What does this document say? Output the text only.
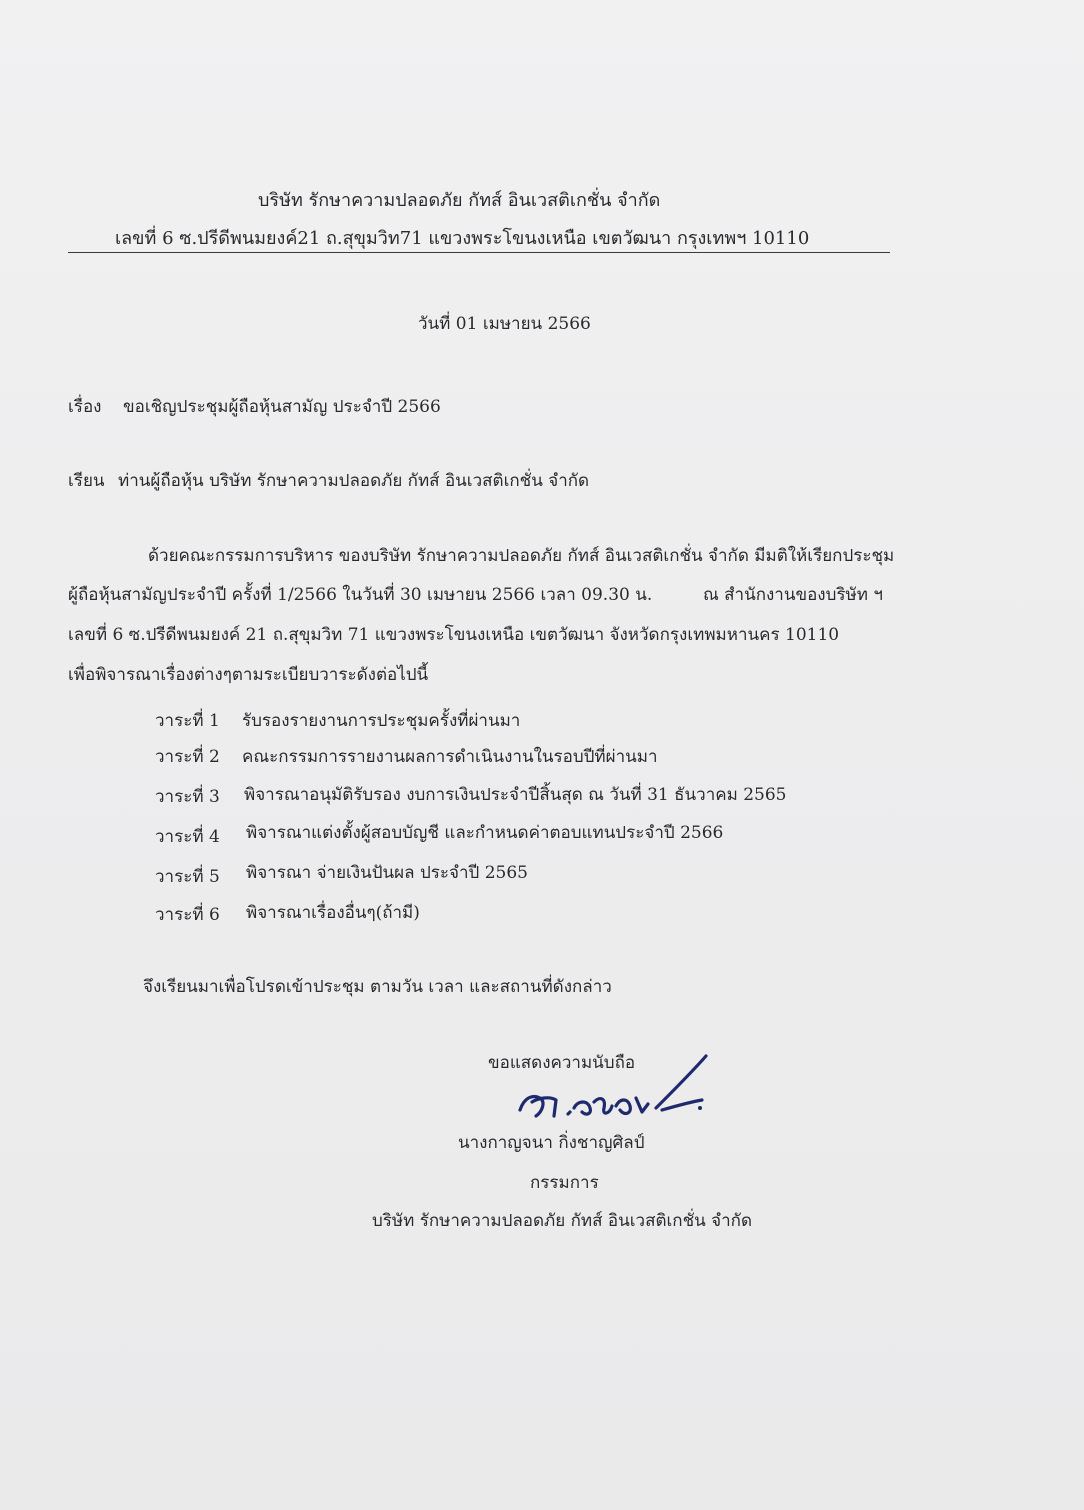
บริษัท รักษาความปลอดภัย กัทส์ อินเวสติเกชั่น จำกัด
เลขที่ 6 ซ.ปรีดีพนมยงค์21 ถ.สุขุมวิท71 แขวงพระโขนงเหนือ เขตวัฒนา กรุงเทพฯ 10110
วันที่ 01 เมษายน 2566
เรื่อง ขอเชิญประชุมผู้ถือหุ้นสามัญ ประจำปี 2566
เรียน ท่านผู้ถือหุ้น บริษัท รักษาความปลอดภัย กัทส์ อินเวสติเกชั่น จำกัด
ด้วยคณะกรรมการบริหาร ของบริษัท รักษาความปลอดภัย กัทส์ อินเวสติเกชั่น จำกัด มีมติให้เรียกประชุม
ผู้ถือหุ้นสามัญประจำปี ครั้งที่ 1/2566 ในวันที่ 30 เมษายน 2566 เวลา 09.30 น.	ณ สำนักงานของบริษัท ฯ
เลขที่ 6 ซ.ปรีดีพนมยงค์ 21 ถ.สุขุมวิท 71 แขวงพระโขนงเหนือ เขตวัฒนา จังหวัดกรุงเทพมหานคร 10110
เพื่อพิจารณาเรื่องต่างๆตามระเบียบวาระดังต่อไปนี้
วาระที่ 1 รับรองรายงานการประชุมครั้งที่ผ่านมา
วาระที่ 2 คณะกรรมการรายงานผลการดำเนินงานในรอบปีที่ผ่านมา
วาระที่ 3 พิจารณาอนุมัติรับรอง งบการเงินประจำปีสิ้นสุด ณ วันที่ 31 ธันวาคม 2565
วาระที่ 4 พิจารณาแต่งตั้งผู้สอบบัญชี และกำหนดค่าตอบแทนประจำปี 2566
วาระที่ 5 พิจารณา จ่ายเงินปันผล ประจำปี 2565
วาระที่ 6 พิจารณาเรื่องอื่นๆ(ถ้ามี)
จึงเรียนมาเพื่อโปรดเข้าประชุม ตามวัน เวลา และสถานที่ดังกล่าว
ขอแสดงความนับถือ
นางกาญจนา กิ่งชาญศิลป์
กรรมการ
บริษัท รักษาความปลอดภัย กัทส์ อินเวสติเกชั่น จำกัด
